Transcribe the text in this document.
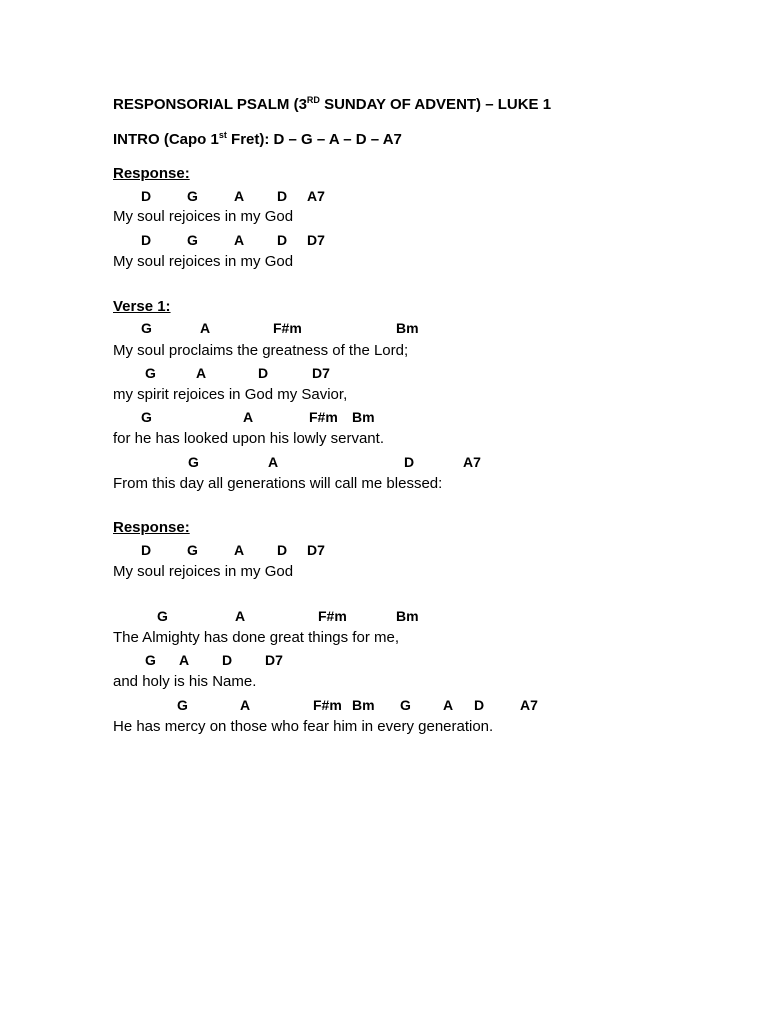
RESPONSORIAL PSALM (3RD SUNDAY OF ADVENT) – LUKE 1
INTRO (Capo 1st Fret): D – G – A – D – A7
Response:
D	G	A D A7
My soul rejoices in my God
D	G	A D D7
My soul rejoices in my God
Verse 1:
G	A	F#m	Bm
My soul proclaims the greatness of the Lord;
G	A	D	D7
my spirit rejoices in God my Savior,
G	A	F#m Bm
for he has looked upon his lowly servant.
G	A	D	A7
From this day all generations will call me blessed:
Response:
D	G	A D D7
My soul rejoices in my God
G	A	F#m	Bm
The Almighty has done great things for me,
G A D D7
and holy is his Name.
G	A	F#m Bm G A D	A7
He has mercy on those who fear him in every generation.
